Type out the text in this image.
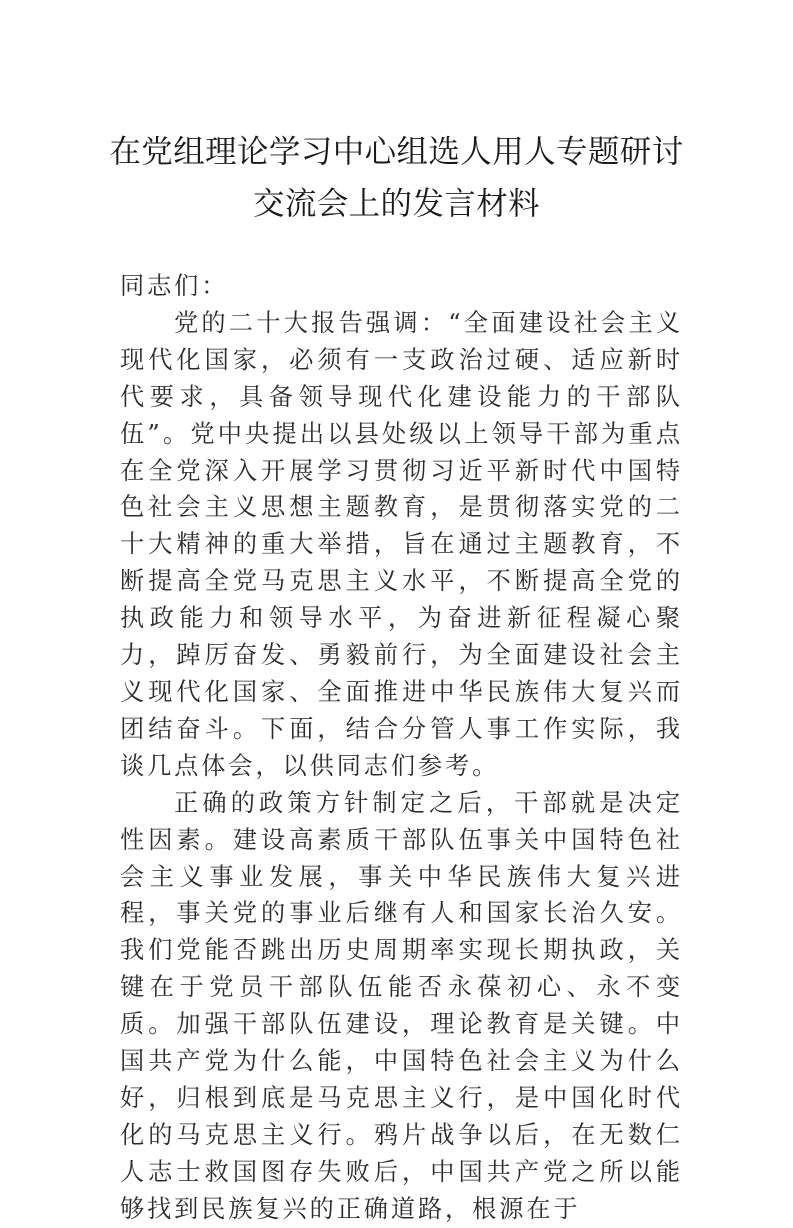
在党组理论学习中心组选人用人专题研讨
交流会上的发言材料

同志们：

党的二十大报告强调：“全面建设社会主义现代化国家，必须有一支政治过硬、适应新时代要求，具备领导现代化建设能力的干部队伍”。党中央提出以县处级以上领导干部为重点在全党深入开展学习贯彻习近平新时代中国特色社会主义思想主题教育，是贯彻落实党的二十大精神的重大举措，旨在通过主题教育，不断提高全党马克思主义水平，不断提高全党的执政能力和领导水平，为奋进新征程凝心聚力，踔厉奋发、勇毅前行，为全面建设社会主义现代化国家、全面推进中华民族伟大复兴而团结奋斗。下面，结合分管人事工作实际，我谈几点体会，以供同志们参考。

正确的政策方针制定之后，干部就是决定性因素。建设高素质干部队伍事关中国特色社会主义事业发展，事关中华民族伟大复兴进程，事关党的事业后继有人和国家长治久安。我们党能否跳出历史周期率实现长期执政，关键在于党员干部队伍能否永葆初心、永不变质。加强干部队伍建设，理论教育是关键。中国共产党为什么能，中国特色社会主义为什么好，归根到底是马克思主义行，是中国化时代化的马克思主义行。鸦片战争以后，在无数仁人志士救国图存失败后，中国共产党之所以能够找到民族复兴的正确道路，根源在于
